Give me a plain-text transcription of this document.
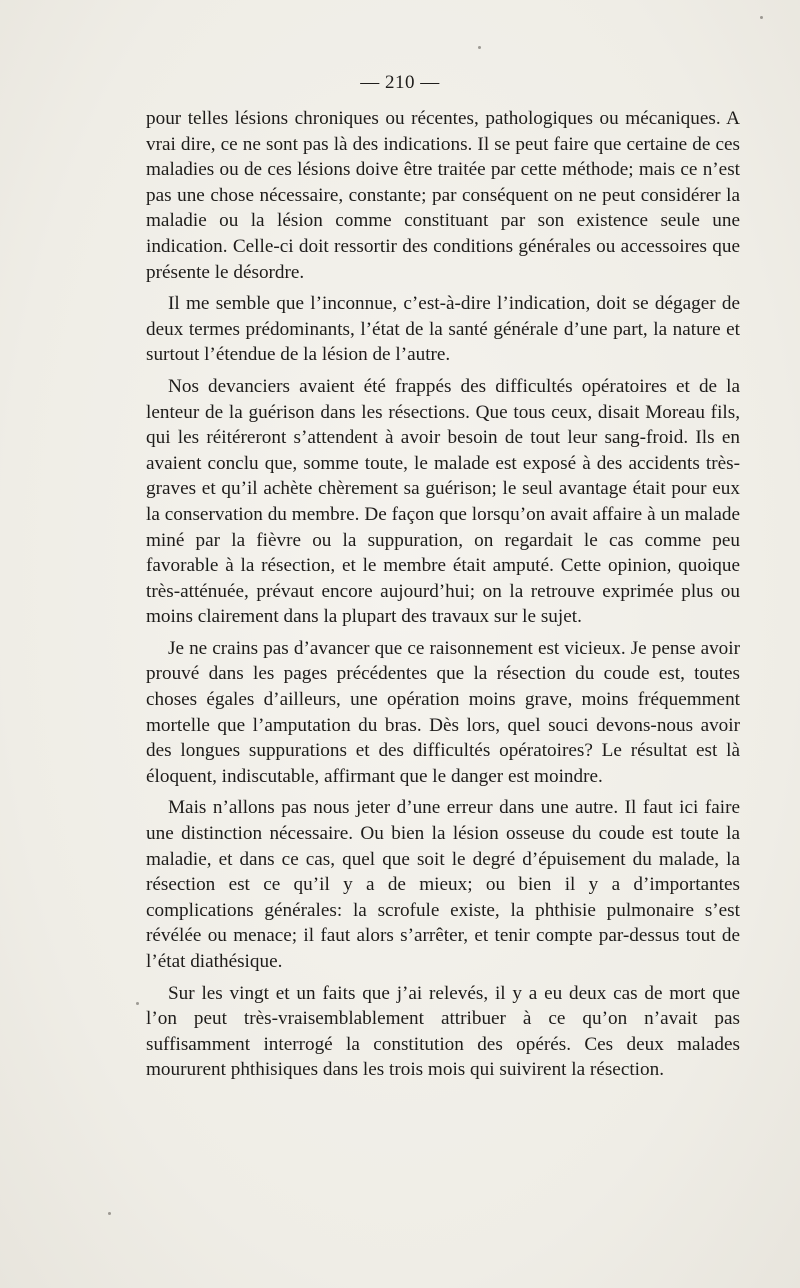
— 210 —

pour telles lésions chroniques ou récentes, pathologiques ou mécaniques. A vrai dire, ce ne sont pas là des indications. Il se peut faire que certaine de ces maladies ou de ces lésions doive être traitée par cette méthode; mais ce n’est pas une chose nécessaire, constante; par conséquent on ne peut considérer la maladie ou la lésion comme constituant par son existence seule une indication. Celle-ci doit ressortir des conditions générales ou accessoires que présente le désordre.

Il me semble que l’inconnue, c’est-à-dire l’indication, doit se dégager de deux termes prédominants, l’état de la santé générale d’une part, la nature et surtout l’étendue de la lésion de l’autre.

Nos devanciers avaient été frappés des difficultés opératoires et de la lenteur de la guérison dans les résections. Que tous ceux, disait Moreau fils, qui les réitéreront s’attendent à avoir besoin de tout leur sang-froid. Ils en avaient conclu que, somme toute, le malade est exposé à des accidents très-graves et qu’il achète chèrement sa guérison; le seul avantage était pour eux la conservation du membre. De façon que lorsqu’on avait affaire à un malade miné par la fièvre ou la suppuration, on regardait le cas comme peu favorable à la résection, et le membre était amputé. Cette opinion, quoique très-atténuée, prévaut encore aujourd’hui; on la retrouve exprimée plus ou moins clairement dans la plupart des travaux sur le sujet.

Je ne crains pas d’avancer que ce raisonnement est vicieux. Je pense avoir prouvé dans les pages précédentes que la résection du coude est, toutes choses égales d’ailleurs, une opération moins grave, moins fréquemment mortelle que l’amputation du bras. Dès lors, quel souci devons-nous avoir des longues suppurations et des difficultés opératoires? Le résultat est là éloquent, indiscutable, affirmant que le danger est moindre.

Mais n’allons pas nous jeter d’une erreur dans une autre. Il faut ici faire une distinction nécessaire. Ou bien la lésion osseuse du coude est toute la maladie, et dans ce cas, quel que soit le degré d’épuisement du malade, la résection est ce qu’il y a de mieux; ou bien il y a d’importantes complications générales: la scrofule existe, la phthisie pulmonaire s’est révélée ou menace; il faut alors s’arrêter, et tenir compte par-dessus tout de l’état diathésique.

Sur les vingt et un faits que j’ai relevés, il y a eu deux cas de mort que l’on peut très-vraisemblablement attribuer à ce qu’on n’avait pas suffisamment interrogé la constitution des opérés. Ces deux malades moururent phthisiques dans les trois mois qui suivirent la résection.
